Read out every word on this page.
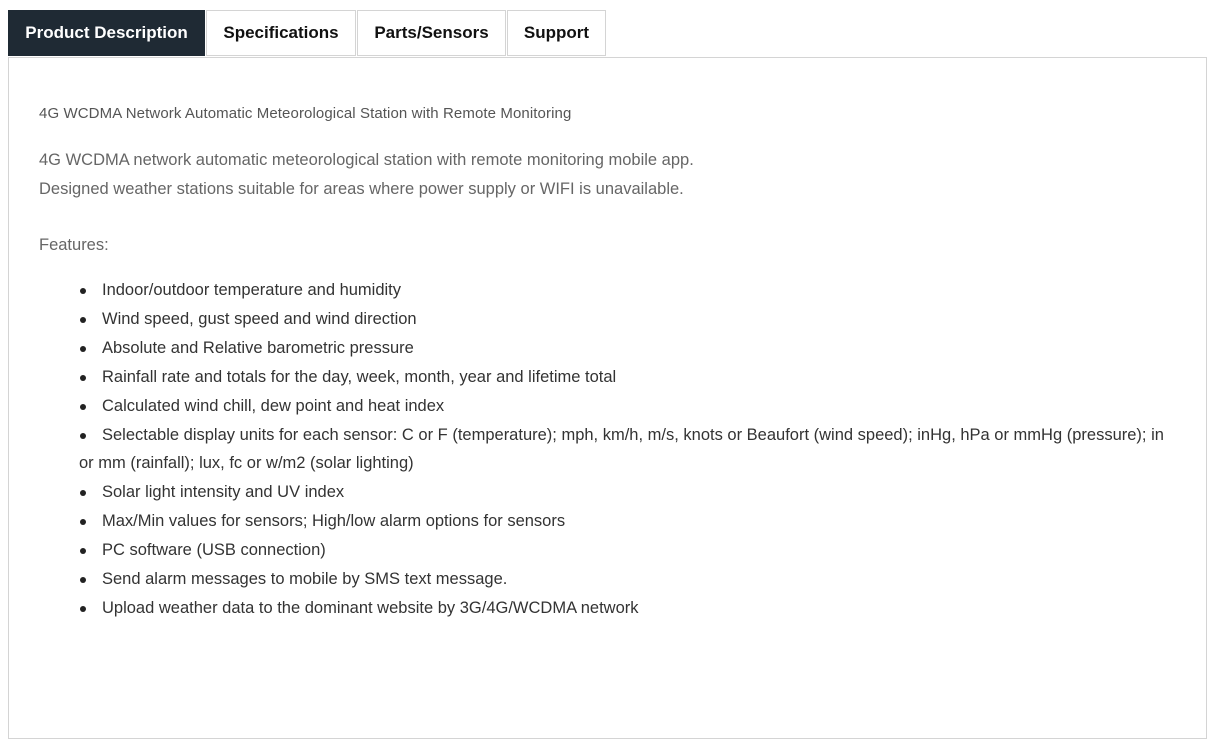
Product Description	Specifications	Parts/Sensors	Support
4G WCDMA Network Automatic Meteorological Station with Remote Monitoring
4G WCDMA network automatic meteorological station with remote monitoring mobile app.
Designed weather stations suitable for areas where power supply or WIFI is unavailable.
Features:
Indoor/outdoor temperature and humidity
Wind speed, gust speed and wind direction
Absolute and Relative barometric pressure
Rainfall rate and totals for the day, week, month, year and lifetime total
Calculated wind chill, dew point and heat index
Selectable display units for each sensor: C or F (temperature); mph, km/h, m/s, knots or Beaufort (wind speed); inHg, hPa or mmHg (pressure); in or mm (rainfall); lux, fc or w/m2 (solar lighting)
Solar light intensity and UV index
Max/Min values for sensors; High/low alarm options for sensors
PC software (USB connection)
Send alarm messages to mobile by SMS text message.
Upload weather data to the dominant website by 3G/4G/WCDMA network
